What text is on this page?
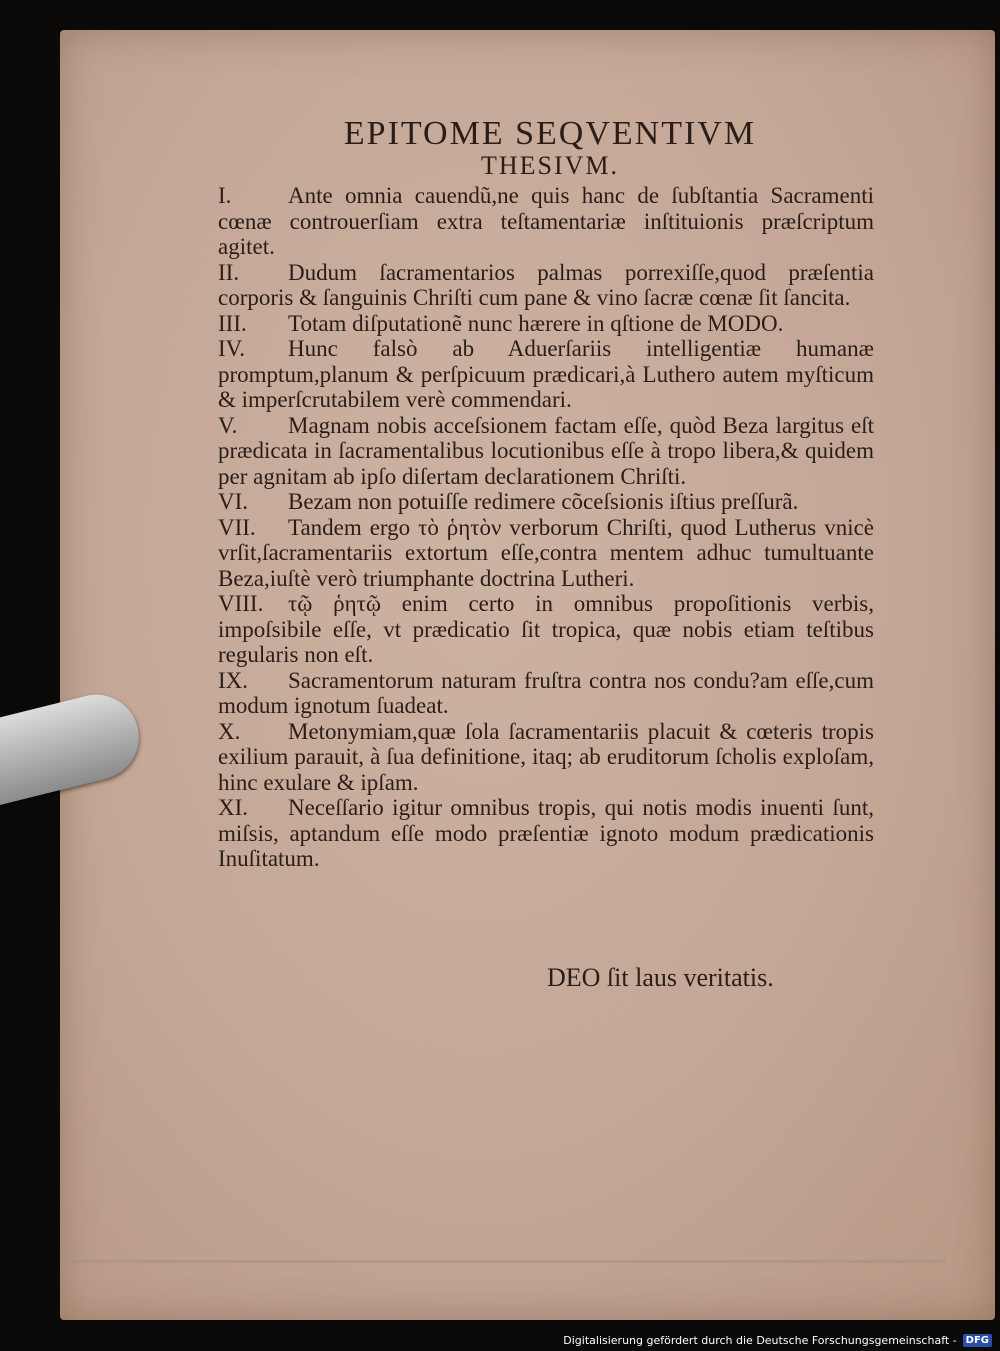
EPITOME SEQVENTIVM
THESIVM.
I. Ante omnia cauendũ,ne quis hanc de ſubſtantia Sacramenti cœnæ controuerſiam extra teſtamentariæ inſtituionis præſcriptum agitet.
II. Dudum ſacramentarios palmas porrexiſſe,quod præſentia corporis & ſanguinis Chriſti cum pane & vino ſacræ cœnæ ſit ſancita.
III. Totam diſputationẽ nunc hærere in qſtione de MODO.
IV. Hunc falsò ab Aduerſariis intelligentiæ humanæ promptum,planum & perſpicuum prædicari,à Luthero autem myſticum & imperſcrutabilem verè commendari.
V. Magnam nobis acceſsionem factam eſſe, quòd Beza largitus eſt prædicata in ſacramentalibus locutionibus eſſe à tropo libera,& quidem per agnitam ab ipſo diſertam declarationem Chriſti.
VI. Bezam non potuiſſe redimere cõceſsionis iſtius preſſurã.
VII. Tandem ergo τὸ ῥητὸν verborum Chriſti, quod Lutherus vnicè vrſit,ſacramentariis extortum eſſe,contra mentem adhuc tumultuante Beza,iuſtè verò triumphante doctrina Lutheri.
VIII. τῷ ῥητῷ enim certo in omnibus propoſitionis verbis, impoſsibile eſſe, vt prædicatio ſit tropica, quæ nobis etiam teſtibus regularis non eſt.
IX. Sacramentorum naturam fruſtra contra nos condu?am eſſe,cum modum ignotum ſuadeat.
X. Metonymiam,quæ ſola ſacramentariis placuit & cœteris tropis exilium parauit, à ſua definitione, itaq; ab eruditorum ſcholis exploſam, hinc exulare & ipſam.
XI. Neceſſario igitur omnibus tropis, qui notis modis inuenti ſunt, miſsis, aptandum eſſe modo præſentiæ ignoto modum prædicationis Inuſitatum.
DEO ſit laus veritatis.
Digitalisierung gefördert durch die Deutsche Forschungsgemeinschaft - DFG
